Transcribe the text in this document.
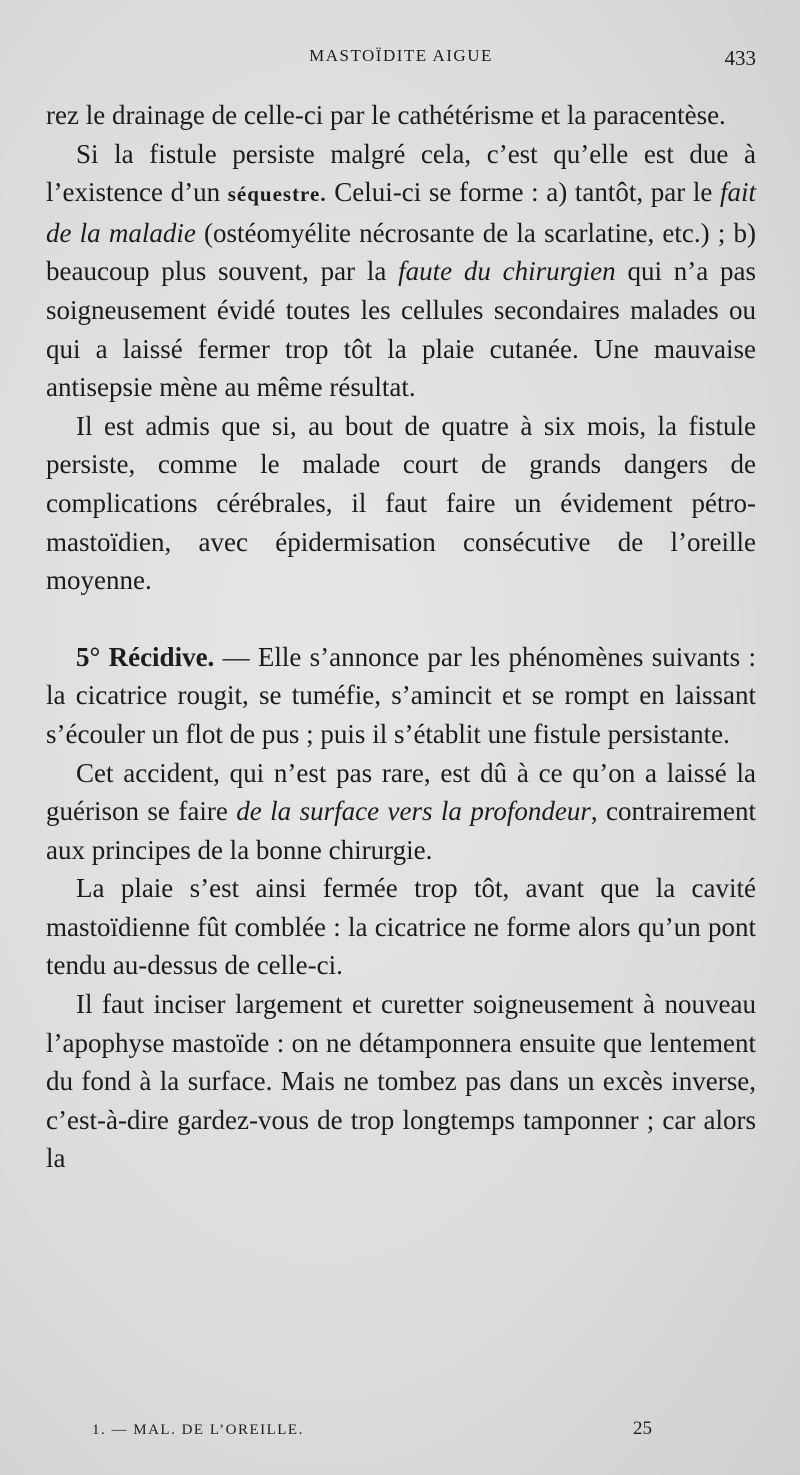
MASTOÏDITE AIGUE	433

rez le drainage de celle-ci par le cathétérisme et la paracentèse.

Si la fistule persiste malgré cela, c’est qu’elle est due à l’existence d’un séquestre. Celui-ci se forme : a) tantôt, par le fait de la maladie (ostéomyélite nécrosante de la scarlatine, etc.) ; b) beaucoup plus souvent, par la faute du chirurgien qui n’a pas soigneusement évidé toutes les cellules secondaires malades ou qui a laissé fermer trop tôt la plaie cutanée. Une mauvaise antisepsie mène au même résultat.

Il est admis que si, au bout de quatre à six mois, la fistule persiste, comme le malade court de grands dangers de complications cérébrales, il faut faire un évidement pétro-mastoïdien, avec épidermisation consécutive de l’oreille moyenne.

5° Récidive. — Elle s’annonce par les phénomènes suivants : la cicatrice rougit, se tuméfie, s’amincit et se rompt en laissant s’écouler un flot de pus ; puis il s’établit une fistule persistante.

Cet accident, qui n’est pas rare, est dû à ce qu’on a laissé la guérison se faire de la surface vers la profondeur, contrairement aux principes de la bonne chirurgie.

La plaie s’est ainsi fermée trop tôt, avant que la cavité mastoïdienne fût comblée : la cicatrice ne forme alors qu’un pont tendu au-dessus de celle-ci.

Il faut inciser largement et curetter soigneusement à nouveau l’apophyse mastoïde : on ne détamponnera ensuite que lentement du fond à la surface. Mais ne tombez pas dans un excès inverse, c’est-à-dire gardez-vous de trop longtemps tamponner ; car alors la

1. — MAL. DE L’OREILLE.	25
